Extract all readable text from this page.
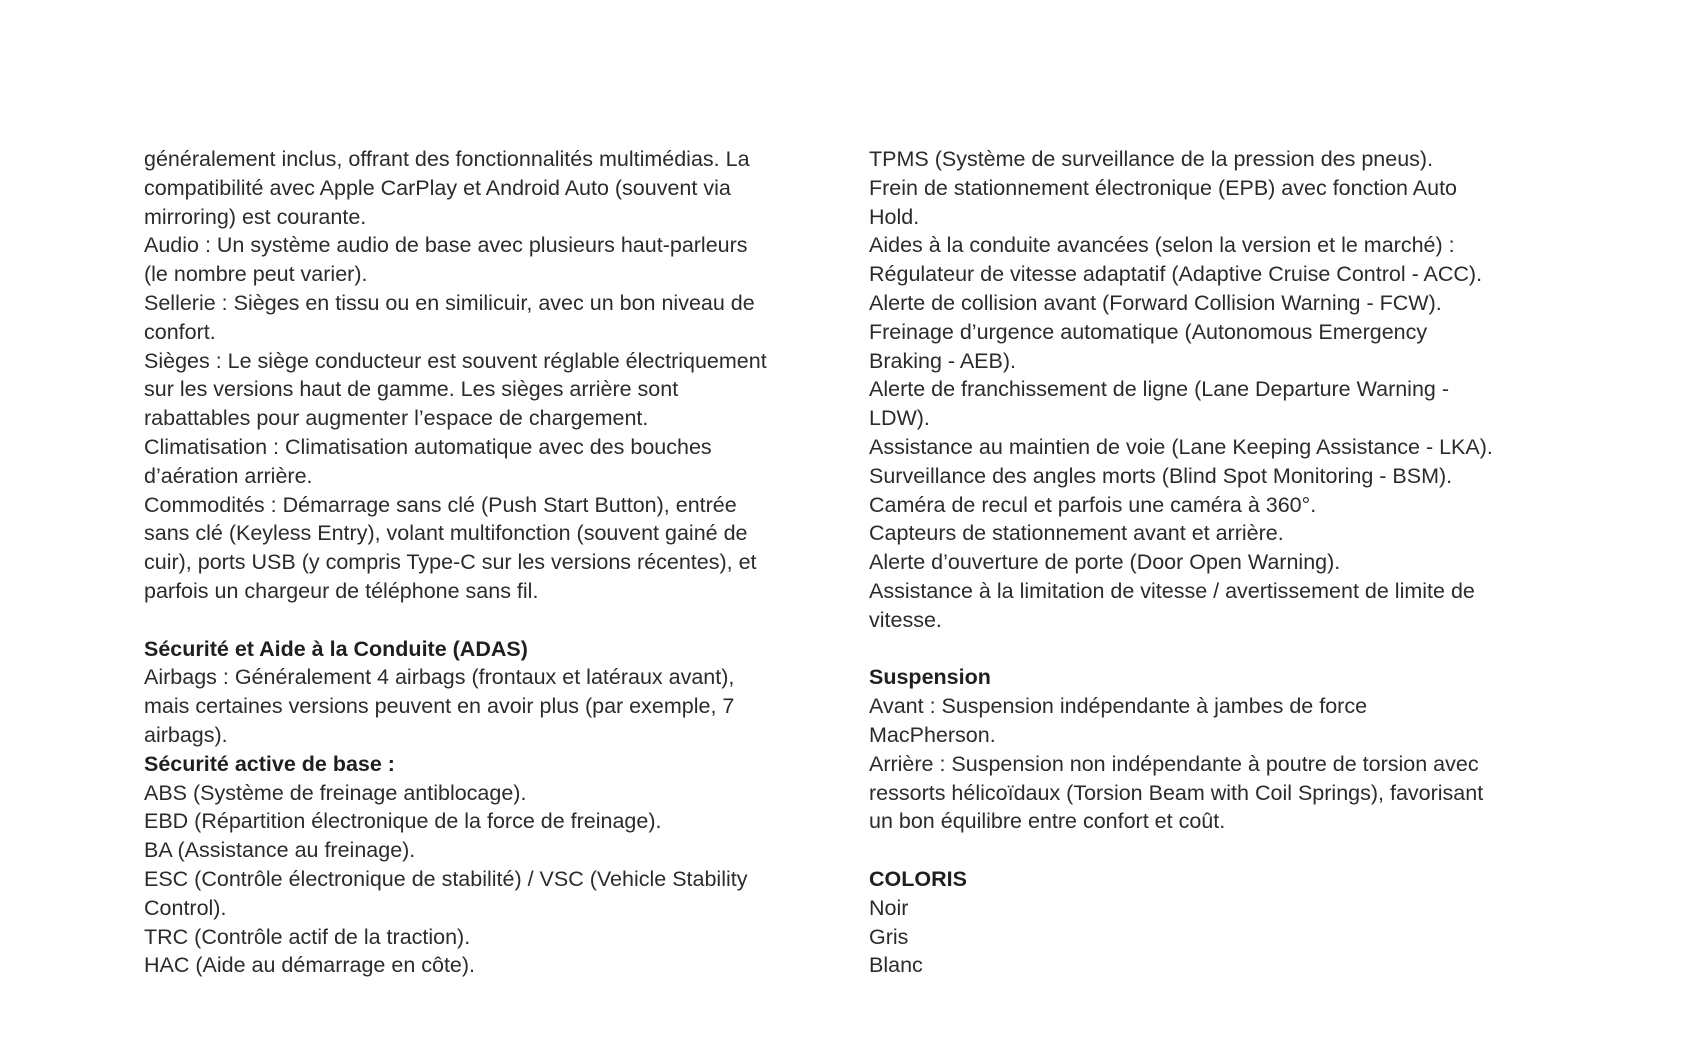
généralement inclus, offrant des fonctionnalités multimédias. La
compatibilité avec Apple CarPlay et Android Auto (souvent via
mirroring) est courante.
Audio : Un système audio de base avec plusieurs haut-parleurs
(le nombre peut varier).
Sellerie : Sièges en tissu ou en similicuir, avec un bon niveau de
confort.
Sièges : Le siège conducteur est souvent réglable électriquement
sur les versions haut de gamme. Les sièges arrière sont
rabattables pour augmenter l’espace de chargement.
Climatisation : Climatisation automatique avec des bouches
d’aération arrière.
Commodités : Démarrage sans clé (Push Start Button), entrée
sans clé (Keyless Entry), volant multifonction (souvent gainé de
cuir), ports USB (y compris Type-C sur les versions récentes), et
parfois un chargeur de téléphone sans fil.
Sécurité et Aide à la Conduite (ADAS)
Airbags : Généralement 4 airbags (frontaux et latéraux avant),
mais certaines versions peuvent en avoir plus (par exemple, 7
airbags).
Sécurité active de base :
ABS (Système de freinage antiblocage).
EBD (Répartition électronique de la force de freinage).
BA (Assistance au freinage).
ESC (Contrôle électronique de stabilité) / VSC (Vehicle Stability
Control).
TRC (Contrôle actif de la traction).
HAC (Aide au démarrage en côte).
TPMS (Système de surveillance de la pression des pneus).
Frein de stationnement électronique (EPB) avec fonction Auto
Hold.
Aides à la conduite avancées (selon la version et le marché) :
Régulateur de vitesse adaptatif (Adaptive Cruise Control - ACC).
Alerte de collision avant (Forward Collision Warning - FCW).
Freinage d’urgence automatique (Autonomous Emergency
Braking - AEB).
Alerte de franchissement de ligne (Lane Departure Warning -
LDW).
Assistance au maintien de voie (Lane Keeping Assistance - LKA).
Surveillance des angles morts (Blind Spot Monitoring - BSM).
Caméra de recul et parfois une caméra à 360°.
Capteurs de stationnement avant et arrière.
Alerte d’ouverture de porte (Door Open Warning).
Assistance à la limitation de vitesse / avertissement de limite de
vitesse.
Suspension
Avant : Suspension indépendante à jambes de force
MacPherson.
Arrière : Suspension non indépendante à poutre de torsion avec
ressorts hélicoïdaux (Torsion Beam with Coil Springs), favorisant
un bon équilibre entre confort et coût.
COLORIS
Noir
Gris
Blanc
